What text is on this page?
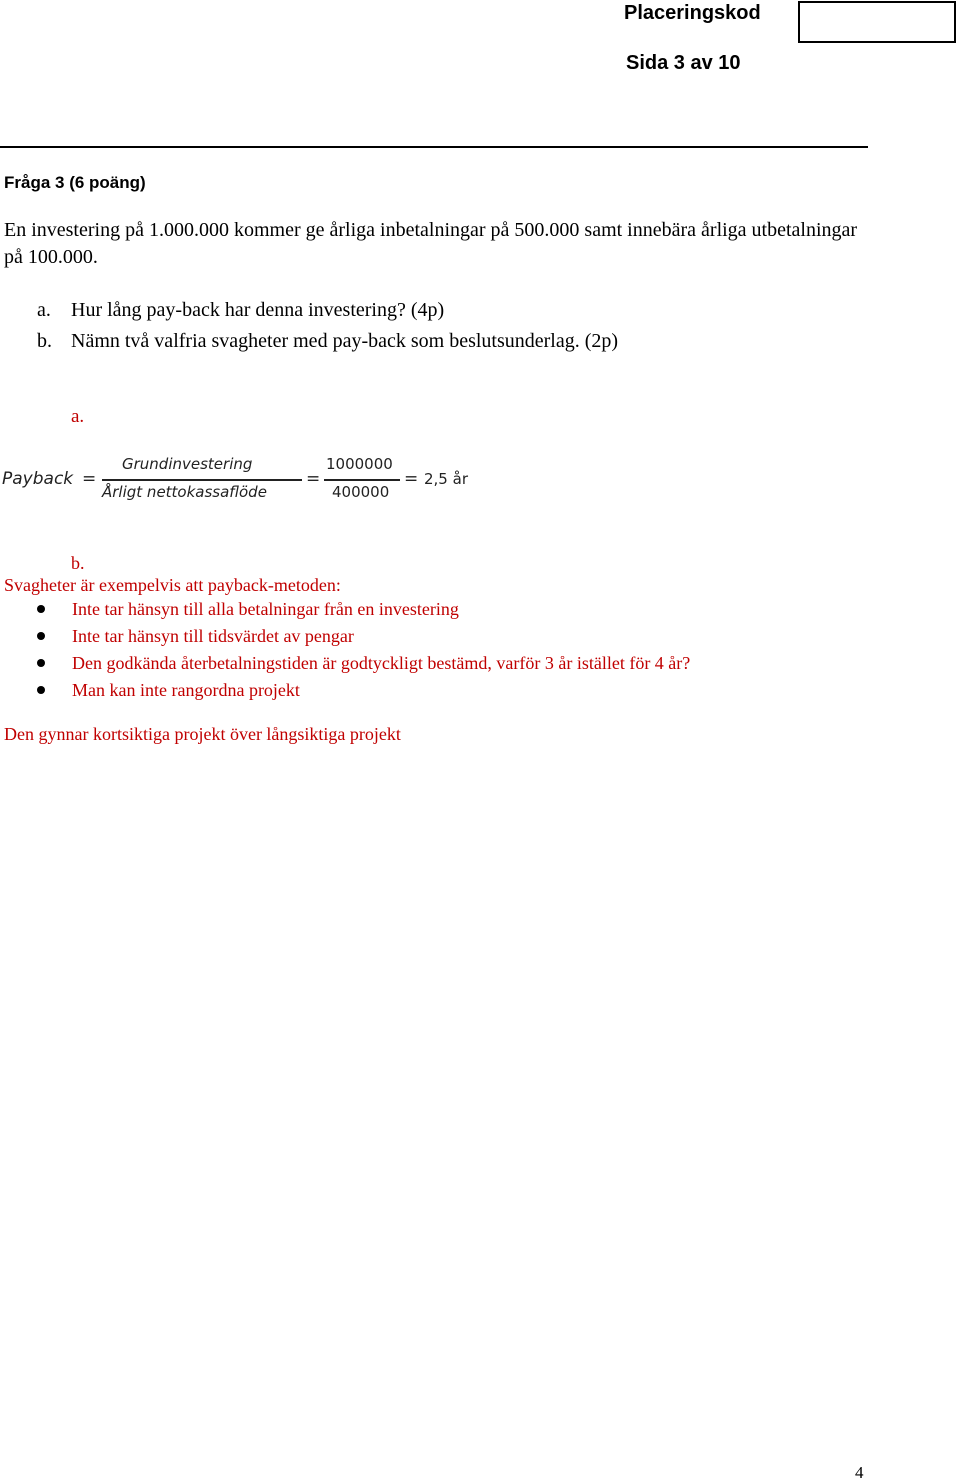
Placeringskod
Sida 3 av 10
Fråga 3 (6 poäng)
En investering på 1.000.000 kommer ge årliga inbetalningar på 500.000 samt innebära årliga utbetalningar på 100.000.
a. Hur lång pay-back har denna investering? (4p)
b. Nämn två valfria svagheter med pay-back som beslutsunderlag. (2p)
a.
Payback =
Grundinvestering
Årligt nettokassaflöde
=
1000000
400000
= 2,5 år
b.
Svagheter är exempelvis att payback-metoden:
Inte tar hänsyn till alla betalningar från en investering
Inte tar hänsyn till tidsvärdet av pengar
Den godkända återbetalningstiden är godtyckligt bestämd, varför 3 år istället för 4 år?
Man kan inte rangordna projekt
Den gynnar kortsiktiga projekt över långsiktiga projekt
4
